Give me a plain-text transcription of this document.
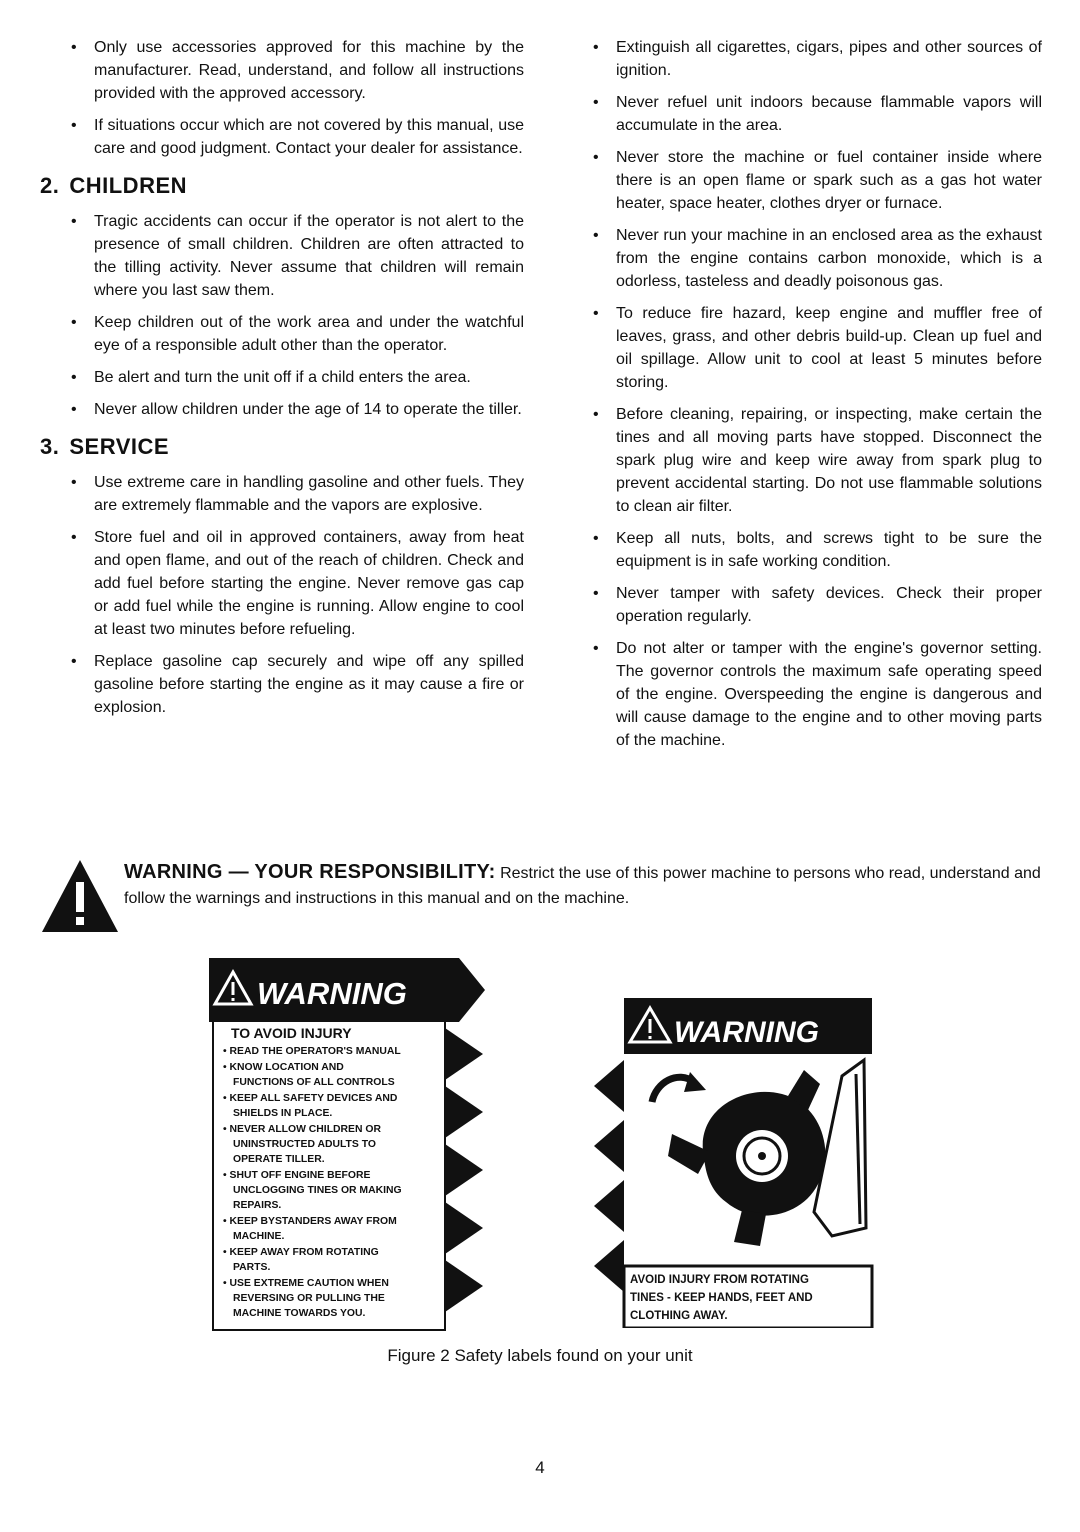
• Only use accessories approved for this machine by the manufacturer. Read, understand, and follow all instructions provided with the approved accessory.

• If situations occur which are not covered by this manual, use care and good judgment. Contact your dealer for assistance.

2. CHILDREN

• Tragic accidents can occur if the operator is not alert to the presence of small children. Children are often attracted to the tilling activity. Never assume that children will remain where you last saw them.

• Keep children out of the work area and under the watchful eye of a responsible adult other than the operator.

• Be alert and turn the unit off if a child enters the area.

• Never allow children under the age of 14 to operate the tiller.

3. SERVICE

• Use extreme care in handling gasoline and other fuels. They are extremely flammable and the vapors are explosive.

• Store fuel and oil in approved containers, away from heat and open flame, and out of the reach of children. Check and add fuel before starting the engine. Never remove gas cap or add fuel while the engine is running. Allow engine to cool at least two minutes before refueling.

• Replace gasoline cap securely and wipe off any spilled gasoline before starting the engine as it may cause a fire or explosion.

• Extinguish all cigarettes, cigars, pipes and other sources of ignition.

• Never refuel unit indoors because flammable vapors will accumulate in the area.

• Never store the machine or fuel container inside where there is an open flame or spark such as a gas hot water heater, space heater, clothes dryer or furnace.

• Never run your machine in an enclosed area as the exhaust from the engine contains carbon monoxide, which is a odorless, tasteless and deadly poisonous gas.

• To reduce fire hazard, keep engine and muffler free of leaves, grass, and other debris build-up. Clean up fuel and oil spillage. Allow unit to cool at least 5 minutes before storing.

• Before cleaning, repairing, or inspecting, make certain the tines and all moving parts have stopped. Disconnect the spark plug wire and keep wire away from spark plug to prevent accidental starting. Do not use flammable solutions to clean air filter.

• Keep all nuts, bolts, and screws tight to be sure the equipment is in safe working condition.

• Never tamper with safety devices. Check their proper operation regularly.

• Do not alter or tamper with the engine's governor setting. The governor controls the maximum safe operating speed of the engine. Overspeeding the engine is dangerous and will cause damage to the engine and to other moving parts of the machine.

WARNING — YOUR RESPONSIBILITY: Restrict the use of this power machine to persons who read, understand and follow the warnings and instructions in this manual and on the machine.
WARNING
TO AVOID INJURY
• READ THE OPERATOR'S MANUAL
• KNOW LOCATION AND
FUNCTIONS OF ALL CONTROLS
• KEEP ALL SAFETY DEVICES AND
SHIELDS IN PLACE.
• NEVER ALLOW CHILDREN OR
UNINSTRUCTED ADULTS TO
OPERATE TILLER.
• SHUT OFF ENGINE BEFORE
UNCLOGGING TINES OR MAKING
REPAIRS.
• KEEP BYSTANDERS AWAY FROM
MACHINE.
• KEEP AWAY FROM ROTATING
PARTS.
• USE EXTREME CAUTION WHEN
REVERSING OR PULLING THE
MACHINE TOWARDS YOU.
WARNING
AVOID INJURY FROM ROTATING
TINES - KEEP HANDS, FEET AND
CLOTHING AWAY.
Figure 2 Safety labels found on your unit
4
